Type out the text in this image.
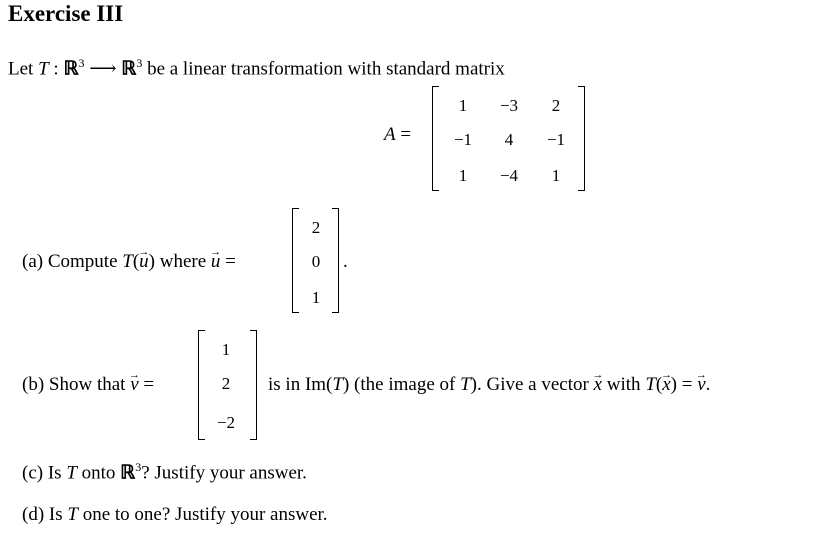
Exercise III
Let T : ℝ$^3$ ⟶ ℝ$^3$ be a linear transformation with standard matrix
A =
1	−3	2
−1	4	−1
1	−4	1
(a) Compute T(u →) where u → =
2
0
1
.
(b) Show that v → =
1
2
−2
is in Im(T) (the image of T). Give a vector x → with T(x →) = v →.
(c) Is T onto ℝ$^3$? Justify your answer.
(d) Is T one to one? Justify your answer.
